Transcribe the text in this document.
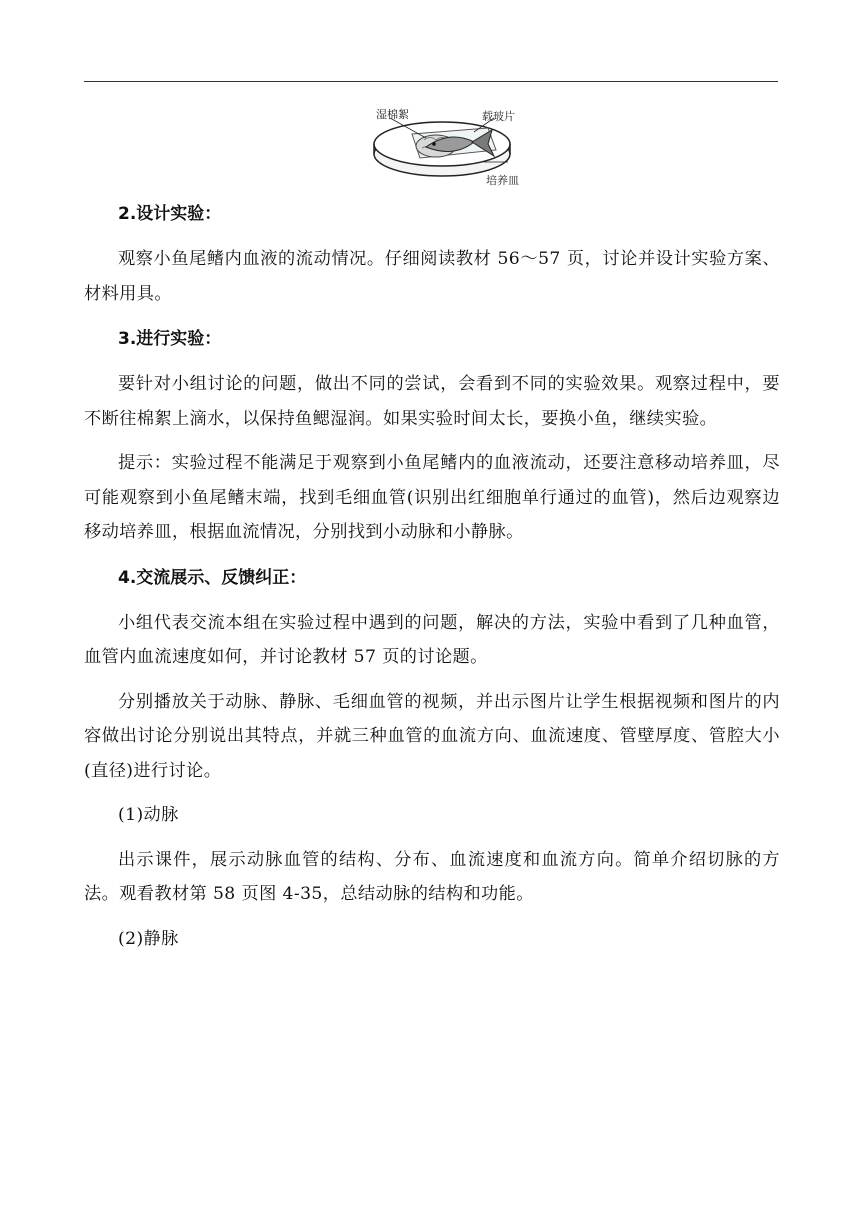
湿棉絮	载玻片
培养皿
2.设计实验：

观察小鱼尾鳍内血液的流动情况。仔细阅读教材 56～57 页，讨论并设计实验方案、材料用具。

3.进行实验：

要针对小组讨论的问题，做出不同的尝试，会看到不同的实验效果。观察过程中，要不断往棉絮上滴水，以保持鱼鳃湿润。如果实验时间太长，要换小鱼，继续实验。

提示：实验过程不能满足于观察到小鱼尾鳍内的血液流动，还要注意移动培养皿，尽可能观察到小鱼尾鳍末端，找到毛细血管(识别出红细胞单行通过的血管)，然后边观察边移动培养皿，根据血流情况，分别找到小动脉和小静脉。

4.交流展示、反馈纠正：

小组代表交流本组在实验过程中遇到的问题，解决的方法，实验中看到了几种血管，血管内血流速度如何，并讨论教材 57 页的讨论题。

分别播放关于动脉、静脉、毛细血管的视频，并出示图片让学生根据视频和图片的内容做出讨论分别说出其特点，并就三种血管的血流方向、血流速度、管壁厚度、管腔大小(直径)进行讨论。

(1)动脉

出示课件，展示动脉血管的结构、分布、血流速度和血流方向。简单介绍切脉的方法。观看教材第 58 页图 4-35，总结动脉的结构和功能。

(2)静脉
